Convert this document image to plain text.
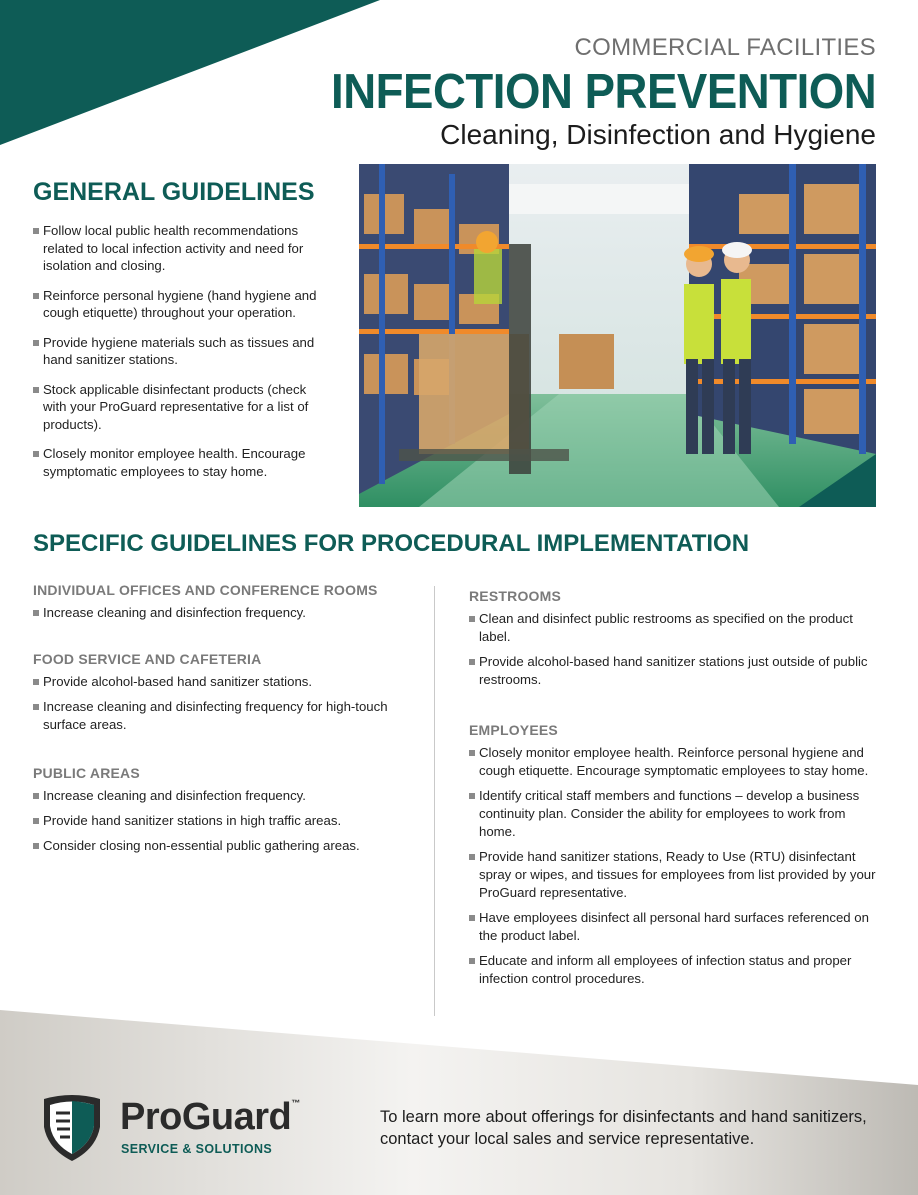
COMMERCIAL FACILITIES
INFECTION PREVENTION
Cleaning, Disinfection and Hygiene
GENERAL GUIDELINES
Follow local public health recommendations related to local infection activity and need for isolation and closing.
Reinforce personal hygiene (hand hygiene and cough etiquette) throughout your operation.
Provide hygiene materials such as tissues and hand sanitizer stations.
Stock applicable disinfectant products (check with your ProGuard representative for a list of products).
Closely monitor employee health. Encourage symptomatic employees to stay home.
SPECIFIC GUIDELINES FOR PROCEDURAL IMPLEMENTATION
INDIVIDUAL OFFICES AND CONFERENCE ROOMS
Increase cleaning and disinfection frequency.
FOOD SERVICE AND CAFETERIA
Provide alcohol-based hand sanitizer stations.
Increase cleaning and disinfecting frequency for high-touch surface areas.
PUBLIC AREAS
Increase cleaning and disinfection frequency.
Provide hand sanitizer stations in high traffic areas.
Consider closing non-essential public gathering areas.
RESTROOMS
Clean and disinfect public restrooms as specified on the product label.
Provide alcohol-based hand sanitizer stations just outside of public restrooms.
EMPLOYEES
Closely monitor employee health. Reinforce personal hygiene and cough etiquette. Encourage symptomatic employees to stay home.
Identify critical staff members and functions – develop a business continuity plan. Consider the ability for employees to work from home.
Provide hand sanitizer stations, Ready to Use (RTU) disinfectant spray or wipes, and tissues for employees from list provided by your ProGuard representative.
Have employees disinfect all personal hard surfaces referenced on the product label.
Educate and inform all employees of infection status and proper infection control procedures.
ProGuard™
SERVICE & SOLUTIONS

To learn more about offerings for disinfectants and hand sanitizers, contact your local sales and service representative.
